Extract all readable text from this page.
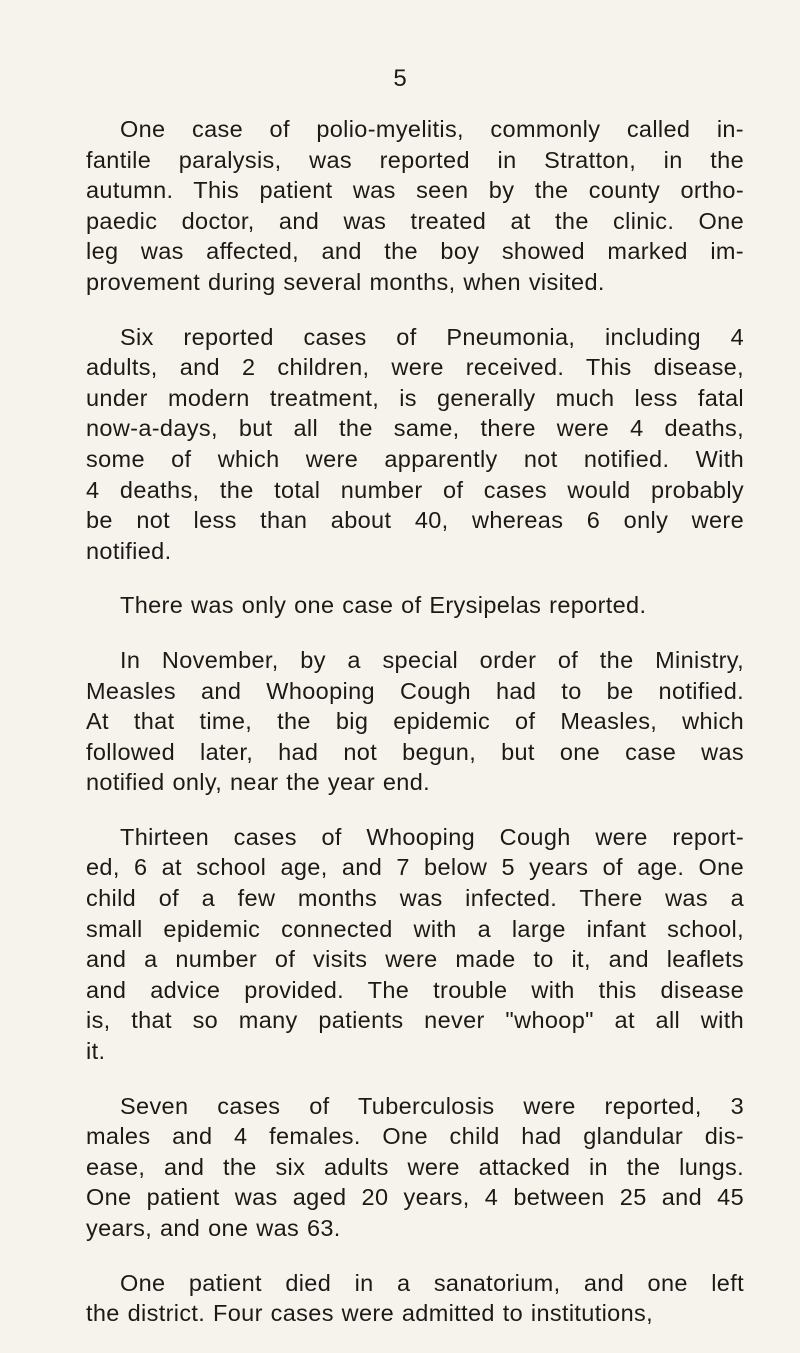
5

One case of polio-myelitis, commonly called in-
fantile paralysis, was reported in Stratton, in the
autumn. This patient was seen by the county ortho-
paedic doctor, and was treated at the clinic. One
leg was affected, and the boy showed marked im-
provement during several months, when visited.

Six reported cases of Pneumonia, including 4
adults, and 2 children, were received. This disease,
under modern treatment, is generally much less fatal
now-a-days, but all the same, there were 4 deaths,
some of which were apparently not notified. With
4 deaths, the total number of cases would probably
be not less than about 40, whereas 6 only were
notified.

There was only one case of Erysipelas reported.

In November, by a special order of the Ministry,
Measles and Whooping Cough had to be notified.
At that time, the big epidemic of Measles, which
followed later, had not begun, but one case was
notified only, near the year end.

Thirteen cases of Whooping Cough were report-
ed, 6 at school age, and 7 below 5 years of age. One
child of a few months was infected. There was a
small epidemic connected with a large infant school,
and a number of visits were made to it, and leaflets
and advice provided. The trouble with this disease
is, that so many patients never "whoop" at all with
it.

Seven cases of Tuberculosis were reported, 3
males and 4 females. One child had glandular dis-
ease, and the six adults were attacked in the lungs.
One patient was aged 20 years, 4 between 25 and 45
years, and one was 63.

One patient died in a sanatorium, and one left
the district. Four cases were admitted to institutions,
